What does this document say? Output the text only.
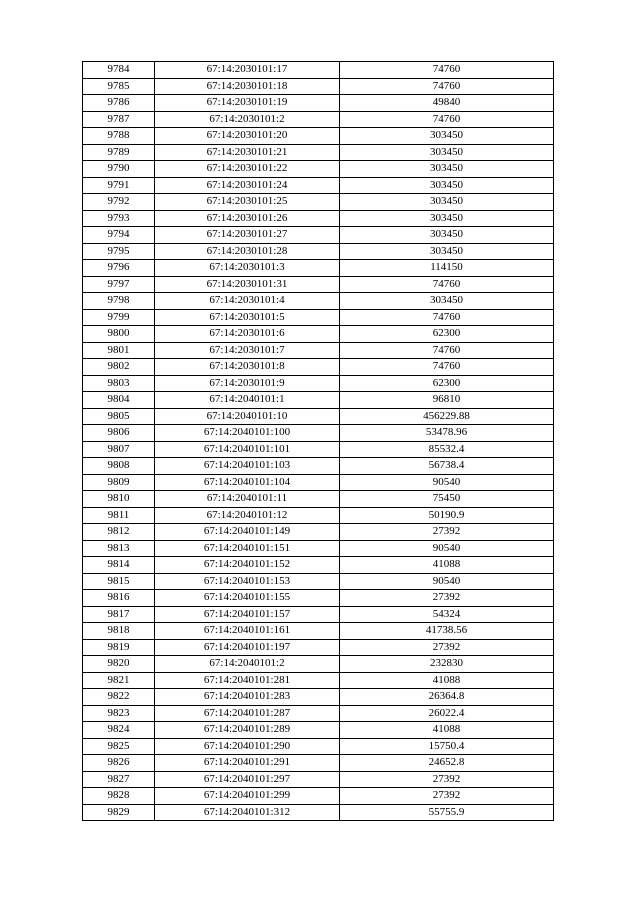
9784	67:14:2030101:17	74760
9785	67:14:2030101:18	74760
9786	67:14:2030101:19	49840
9787	67:14:2030101:2	74760
9788	67:14:2030101:20	303450
9789	67:14:2030101:21	303450
9790	67:14:2030101:22	303450
9791	67:14:2030101:24	303450
9792	67:14:2030101:25	303450
9793	67:14:2030101:26	303450
9794	67:14:2030101:27	303450
9795	67:14:2030101:28	303450
9796	67:14:2030101:3	114150
9797	67:14:2030101:31	74760
9798	67:14:2030101:4	303450
9799	67:14:2030101:5	74760
9800	67:14:2030101:6	62300
9801	67:14:2030101:7	74760
9802	67:14:2030101:8	74760
9803	67:14:2030101:9	62300
9804	67:14:2040101:1	96810
9805	67:14:2040101:10	456229.88
9806	67:14:2040101:100	53478.96
9807	67:14:2040101:101	85532.4
9808	67:14:2040101:103	56738.4
9809	67:14:2040101:104	90540
9810	67:14:2040101:11	75450
9811	67:14:2040101:12	50190.9
9812	67:14:2040101:149	27392
9813	67:14:2040101:151	90540
9814	67:14:2040101:152	41088
9815	67:14:2040101:153	90540
9816	67:14:2040101:155	27392
9817	67:14:2040101:157	54324
9818	67:14:2040101:161	41738.56
9819	67:14:2040101:197	27392
9820	67:14:2040101:2	232830
9821	67:14:2040101:281	41088
9822	67:14:2040101:283	26364.8
9823	67:14:2040101:287	26022.4
9824	67:14:2040101:289	41088
9825	67:14:2040101:290	15750.4
9826	67:14:2040101:291	24652.8
9827	67:14:2040101:297	27392
9828	67:14:2040101:299	27392
9829	67:14:2040101:312	55755.9
